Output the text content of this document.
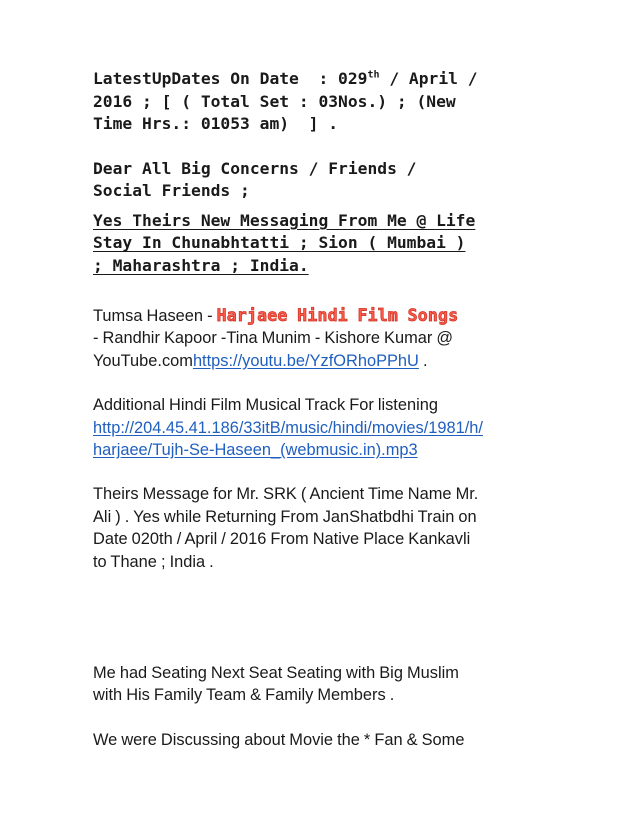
LatestUpDates On Date  : 029th / April /
2016 ; [ ( Total Set : 03Nos.) ; (New
Time Hrs.: 01053 am)  ] .

Dear All Big Concerns / Friends /
Social Friends ;

Yes Theirs New Messaging From Me @ Life
Stay In Chunabhtatti ; Sion ( Mumbai )
; Maharashtra ; India.

Tumsa Haseen - Harjaee Hindi Film Songs
- Randhir Kapoor -Tina Munim - Kishore Kumar @
YouTube.comhttps://youtu.be/YzfORhoPPhU .

Additional Hindi Film Musical Track For listening
http://204.45.41.186/33itB/music/hindi/movies/1981/h/
harjaee/Tujh-Se-Haseen_(webmusic.in).mp3

Theirs Message for Mr. SRK ( Ancient Time Name Mr.
Ali ) . Yes while Returning From JanShatbdhi Train on
Date 020th / April / 2016 From Native Place Kankavli
to Thane ; India .

Me had Seating Next Seat Seating with Big Muslim
with His Family Team & Family Members .

We were Discussing about Movie the * Fan & Some
